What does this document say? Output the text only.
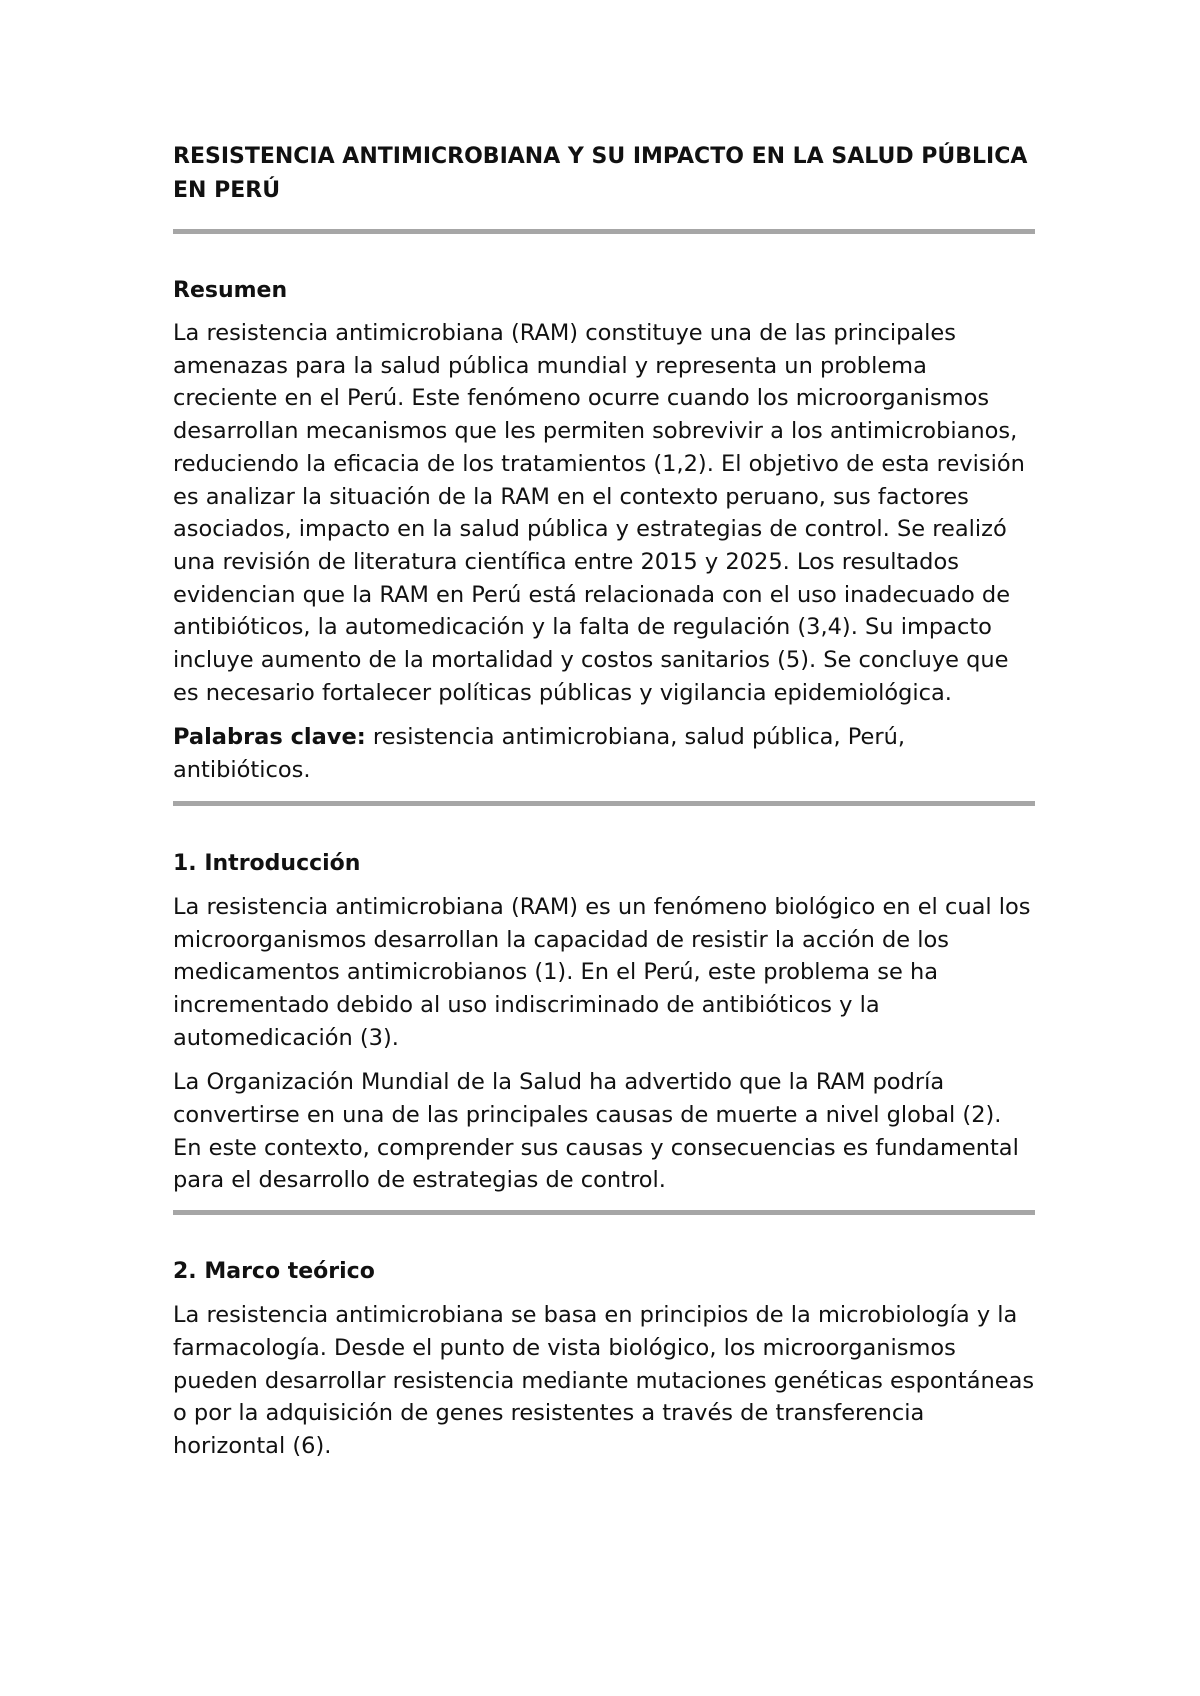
RESISTENCIA ANTIMICROBIANA Y SU IMPACTO EN LA SALUD PÚBLICA EN PERÚ
Resumen

La resistencia antimicrobiana (RAM) constituye una de las principales amenazas para la salud pública mundial y representa un problema creciente en el Perú. Este fenómeno ocurre cuando los microorganismos desarrollan mecanismos que les permiten sobrevivir a los antimicrobianos, reduciendo la eficacia de los tratamientos (1,2). El objetivo de esta revisión es analizar la situación de la RAM en el contexto peruano, sus factores asociados, impacto en la salud pública y estrategias de control. Se realizó una revisión de literatura científica entre 2015 y 2025. Los resultados evidencian que la RAM en Perú está relacionada con el uso inadecuado de antibióticos, la automedicación y la falta de regulación (3,4). Su impacto incluye aumento de la mortalidad y costos sanitarios (5). Se concluye que es necesario fortalecer políticas públicas y vigilancia epidemiológica.

Palabras clave: resistencia antimicrobiana, salud pública, Perú, antibióticos.

1. Introducción

La resistencia antimicrobiana (RAM) es un fenómeno biológico en el cual los microorganismos desarrollan la capacidad de resistir la acción de los medicamentos antimicrobianos (1). En el Perú, este problema se ha incrementado debido al uso indiscriminado de antibióticos y la automedicación (3).

La Organización Mundial de la Salud ha advertido que la RAM podría convertirse en una de las principales causas de muerte a nivel global (2). En este contexto, comprender sus causas y consecuencias es fundamental para el desarrollo de estrategias de control.

2. Marco teórico

La resistencia antimicrobiana se basa en principios de la microbiología y la farmacología. Desde el punto de vista biológico, los microorganismos pueden desarrollar resistencia mediante mutaciones genéticas espontáneas o por la adquisición de genes resistentes a través de transferencia horizontal (6).
